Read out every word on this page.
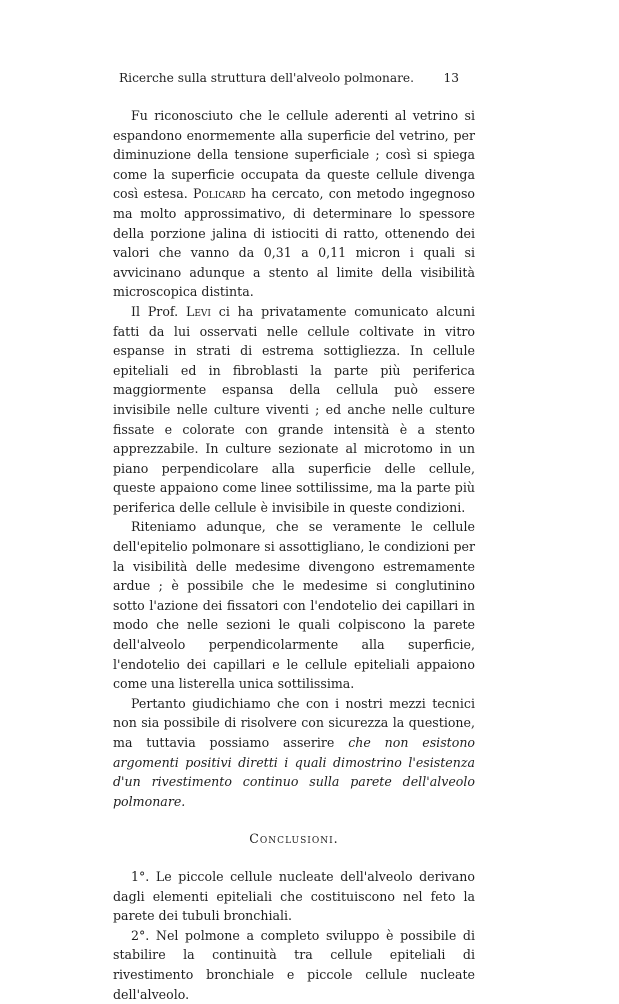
Ricerche sulla struttura dell'alveolo polmonare. 13

Fu riconosciuto che le cellule aderenti al vetrino si espandono enormemente alla superficie del vetrino, per diminuzione della tensione superficiale ; così si spiega come la superficie occupata da queste cellule divenga così estesa. Policard ha cercato, con metodo ingegnoso ma molto approssimativo, di determinare lo spessore della porzione jalina di istiociti di ratto, ottenendo dei valori che vanno da 0,31 a 0,11 micron i quali si avvicinano adunque a stento al limite della visibilità microscopica distinta.

Il Prof. Levi ci ha privatamente comunicato alcuni fatti da lui osservati nelle cellule coltivate in vitro espanse in strati di estrema sottigliezza. In cellule epiteliali ed in fibroblasti la parte più periferica maggiormente espansa della cellula può essere invisibile nelle culture viventi ; ed anche nelle culture fissate e colorate con grande intensità è a stento apprezzabile. In culture sezionate al microtomo in un piano perpendicolare alla superficie delle cellule, queste appaiono come linee sottilissime, ma la parte più periferica delle cellule è invisibile in queste condizioni.

Riteniamo adunque, che se veramente le cellule dell'epitelio polmonare si assottigliano, le condizioni per la visibilità delle medesime divengono estremamente ardue ; è possibile che le medesime si conglutinino sotto l'azione dei fissatori con l'endotelio dei capillari in modo che nelle sezioni le quali colpiscono la parete dell'alveolo perpendicolarmente alla superficie, l'endotelio dei capillari e le cellule epiteliali appaiono come una listerella unica sottilissima.

Pertanto giudichiamo che con i nostri mezzi tecnici non sia possibile di risolvere con sicurezza la questione, ma tuttavia possiamo asserire che non esistono argomenti positivi diretti i quali dimostrino l'esistenza d'un rivestimento continuo sulla parete dell'alveolo polmonare.

Conclusioni.

1°. Le piccole cellule nucleate dell'alveolo derivano dagli elementi epiteliali che costituiscono nel feto la parete dei tubuli bronchiali.

2°. Nel polmone a completo sviluppo è possibile di stabilire la continuità tra cellule epiteliali di rivestimento bronchiale e piccole cellule nucleate dell'alveolo.
